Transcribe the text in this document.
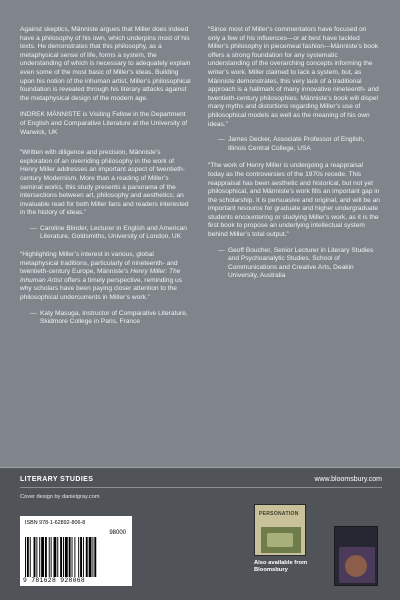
Against skeptics, Männiste argues that Miller does indeed have a philosophy of his own, which underpins most of his texts. He demonstrates that this philosophy, as a metaphysical sense of life, forms a system, the understanding of which is necessary to adequately explain even some of the most basic of Miller’s ideas. Building upon his notion of the inhuman artist, Miller’s philosophical foundation is revealed through his literary attacks against the metaphysical design of the modern age.

INDREK MÄNNISTE is Visiting Fellow in the Department of English and Comparative Literature at the University of Warwick, UK

“Written with diligence and precision, Männiste’s exploration of an overriding philosophy in the work of Henry Miller addresses an important aspect of twentieth-century Modernism. More than a reading of Miller’s seminal works, this study presents a panorama of the intersections between art, philosophy and aesthetics; an invaluable read for both Miller fans and readers interested in the history of ideas.”

— Caroline Blinder, Lecturer in English and American Literature, Goldsmiths, University of London, UK

“Highlighting Miller’s interest in various, global metaphysical traditions, particularly of nineteenth- and twentieth-century Europe, Männiste’s Henry Miller: The Inhuman Artist offers a timely perspective, reminding us why scholars have been paying closer attention to the philosophical undercurrents in Miller’s work.”

— Katy Masuga, Instructor of Comparative Literature, Skidmore College in Paris, France

“Since most of Miller’s commentators have focused on only a few of his influences—or at best have tackled Miller’s philosophy in piecemeal fashion—Männiste’s book offers a strong foundation for any systematic understanding of the overarching concepts informing the writer’s work. Miller claimed to lack a system, but, as Männiste demonstrates, this very lack of a traditional approach is a hallmark of many innovative nineteenth- and twentieth-century philosophies. Männiste’s book will dispel many myths and distortions regarding Miller’s use of philosophical models as well as the meaning of his own ideas.”

— James Decker, Associate Professor of English, Illinois Central College, USA

“The work of Henry Miller is undergoing a reappraisal today as the controversies of the 1970s recede. This reappraisal has been aesthetic and historical, but not yet philosophical, and Männiste’s work fills an important gap in the scholarship. It is persuasive and original, and will be an important resource for graduate and higher undergraduate students encountering or studying Miller’s work, as it is the first book to propose an underlying intellectual system behind Miller’s total output.”

— Geoff Boucher, Senior Lecturer in Literary Studies and Psychoanalytic Studies, School of Communications and Creative Arts, Deakin University, Australia

LITERARY STUDIES	www.bloomsbury.com
Cover design by danielgray.com
ISBN 978-1-62892-806-8
98000
9 781628 928068
PERSONATION
Also available from Bloomsbury
